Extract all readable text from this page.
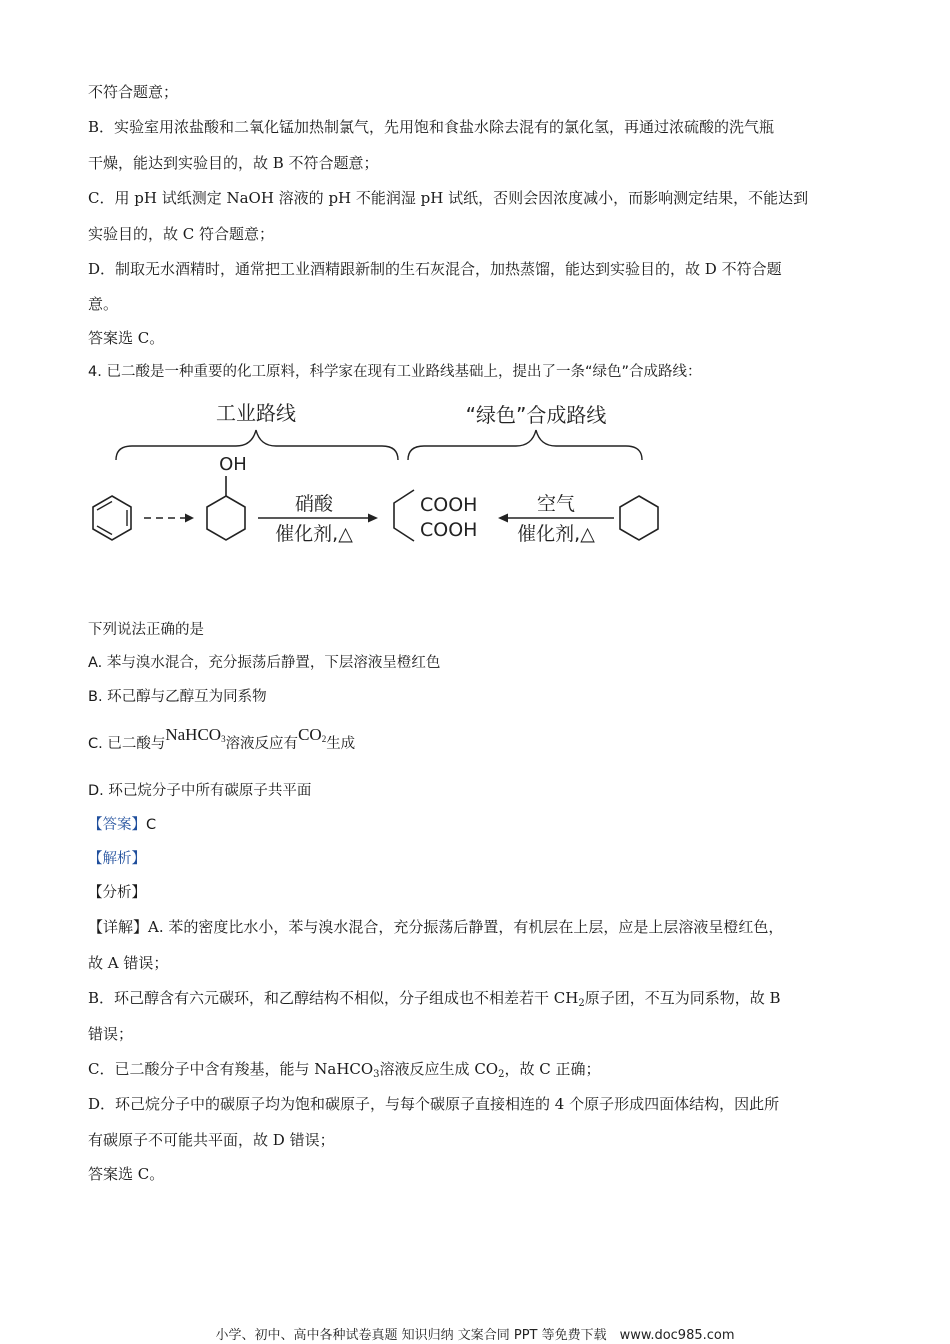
不符合题意；
B．实验室用浓盐酸和二氧化锰加热制氯气，先用饱和食盐水除去混有的氯化氢，再通过浓硫酸的洗气瓶
干燥，能达到实验目的，故 B 不符合题意；
C．用 pH 试纸测定 NaOH 溶液的 pH 不能润湿 pH 试纸，否则会因浓度减小，而影响测定结果，不能达到
实验目的，故 C 符合题意；
D．制取无水酒精时，通常把工业酒精跟新制的生石灰混合，加热蒸馏，能达到实验目的，故 D 不符合题
意。
答案选 C。
4. 已二酸是一种重要的化工原料，科学家在现有工业路线基础上，提出了一条“绿色”合成路线：
工业路线	“绿色”合成路线
OH
硝酸
催化剂,△
COOH
COOH
空气
催化剂,△
下列说法正确的是
A. 苯与溴水混合，充分振荡后静置，下层溶液呈橙红色
B. 环己醇与乙醇互为同系物
C. 已二酸与NaHCO$_3$溶液反应有$CO_2$生成
D. 环己烷分子中所有碳原子共平面
【答案】C
【解析】
【分析】
【详解】A. 苯的密度比水小，苯与溴水混合，充分振荡后静置，有机层在上层，应是上层溶液呈橙红色，
故 A 错误；
B．环己醇含有六元碳环，和乙醇结构不相似，分子组成也不相差若干 $CH_2$原子团，不互为同系物，故 B
错误；
C．已二酸分子中含有羧基，能与 NaHCO$_3$溶液反应生成 $CO_2$，故 C 正确；
D．环己烷分子中的碳原子均为饱和碳原子，与每个碳原子直接相连的 4 个原子形成四面体结构，因此所
有碳原子不可能共平面，故 D 错误；
答案选 C。
小学、初中、高中各种试卷真题 知识归纳 文案合同 PPT 等免费下载　www.doc985.com
